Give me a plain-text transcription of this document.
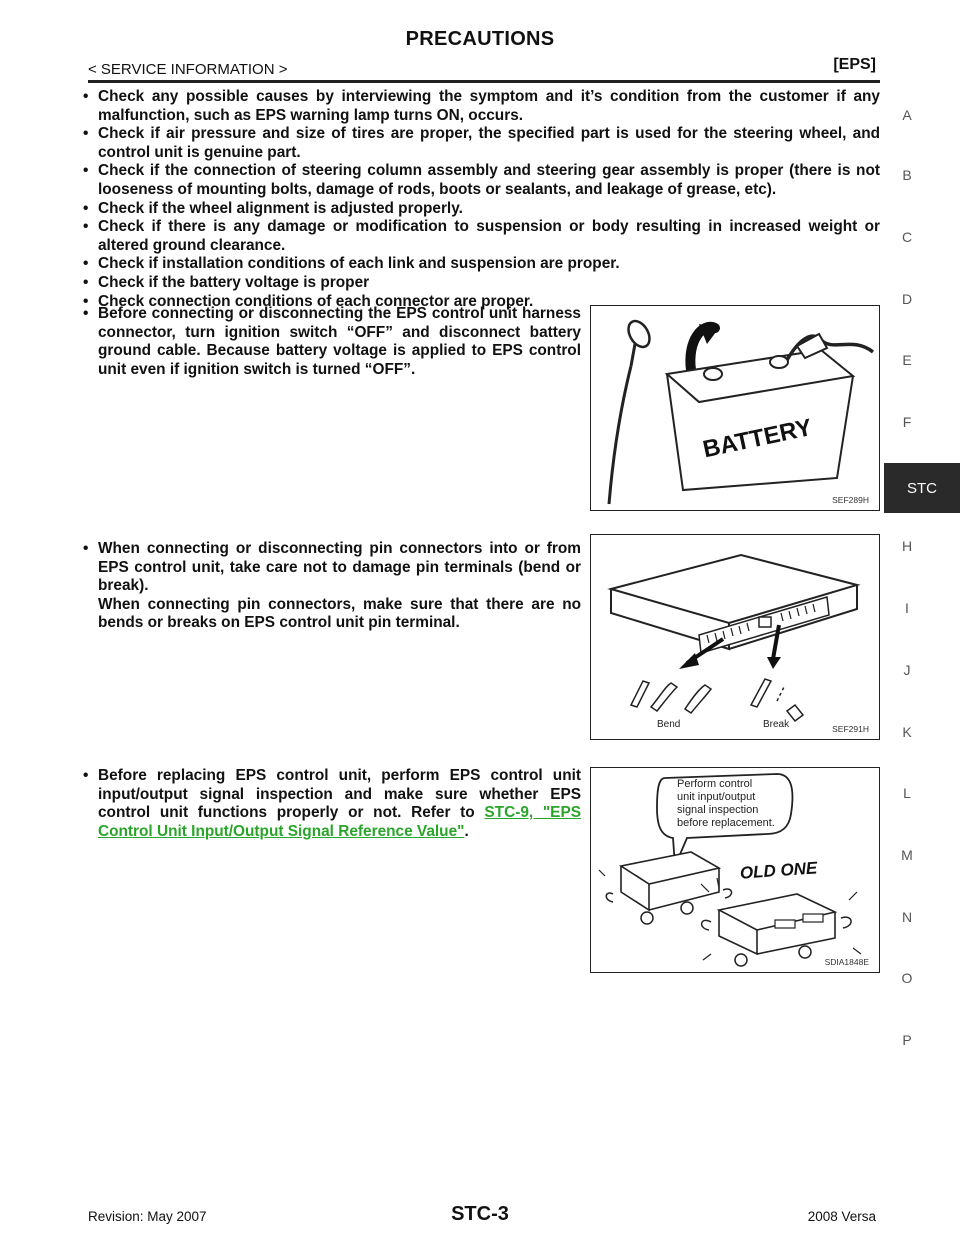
PRECAUTIONS
< SERVICE INFORMATION >	[EPS]
A
B
C
D
E
F
STC
H
I
J
K
L
M
N
O
P
• Check any possible causes by interviewing the symptom and it’s condition from the customer if any malfunction, such as EPS warning lamp turns ON, occurs.
• Check if air pressure and size of tires are proper, the specified part is used for the steering wheel, and control unit is genuine part.
• Check if the connection of steering column assembly and steering gear assembly is proper (there is not looseness of mounting bolts, damage of rods, boots or sealants, and leakage of grease, etc).
• Check if the wheel alignment is adjusted properly.
• Check if there is any damage or modification to suspension or body resulting in increased weight or altered ground clearance.
• Check if installation conditions of each link and suspension are proper.
• Check if the battery voltage is proper
• Check connection conditions of each connector are proper.
• Before connecting or disconnecting the EPS control unit harness connector, turn ignition switch “OFF” and disconnect battery ground cable. Because battery voltage is applied to EPS control unit even if ignition switch is turned “OFF”.
BATTERY
SEF289H
• When connecting or disconnecting pin connectors into or from EPS control unit, take care not to damage pin terminals (bend or break).
When connecting pin connectors, make sure that there are no bends or breaks on EPS control unit pin terminal.
Bend	Break	SEF291H
• Before replacing EPS control unit, perform EPS control unit input/output signal inspection and make sure whether EPS control unit functions properly or not. Refer to STC-9, "EPS Control Unit Input/Output Signal Reference Value".
OLD ONE
Perform control
unit input/output
signal inspection
before replacement.
SDIA1848E
Revision: May 2007	STC-3	2008 Versa
